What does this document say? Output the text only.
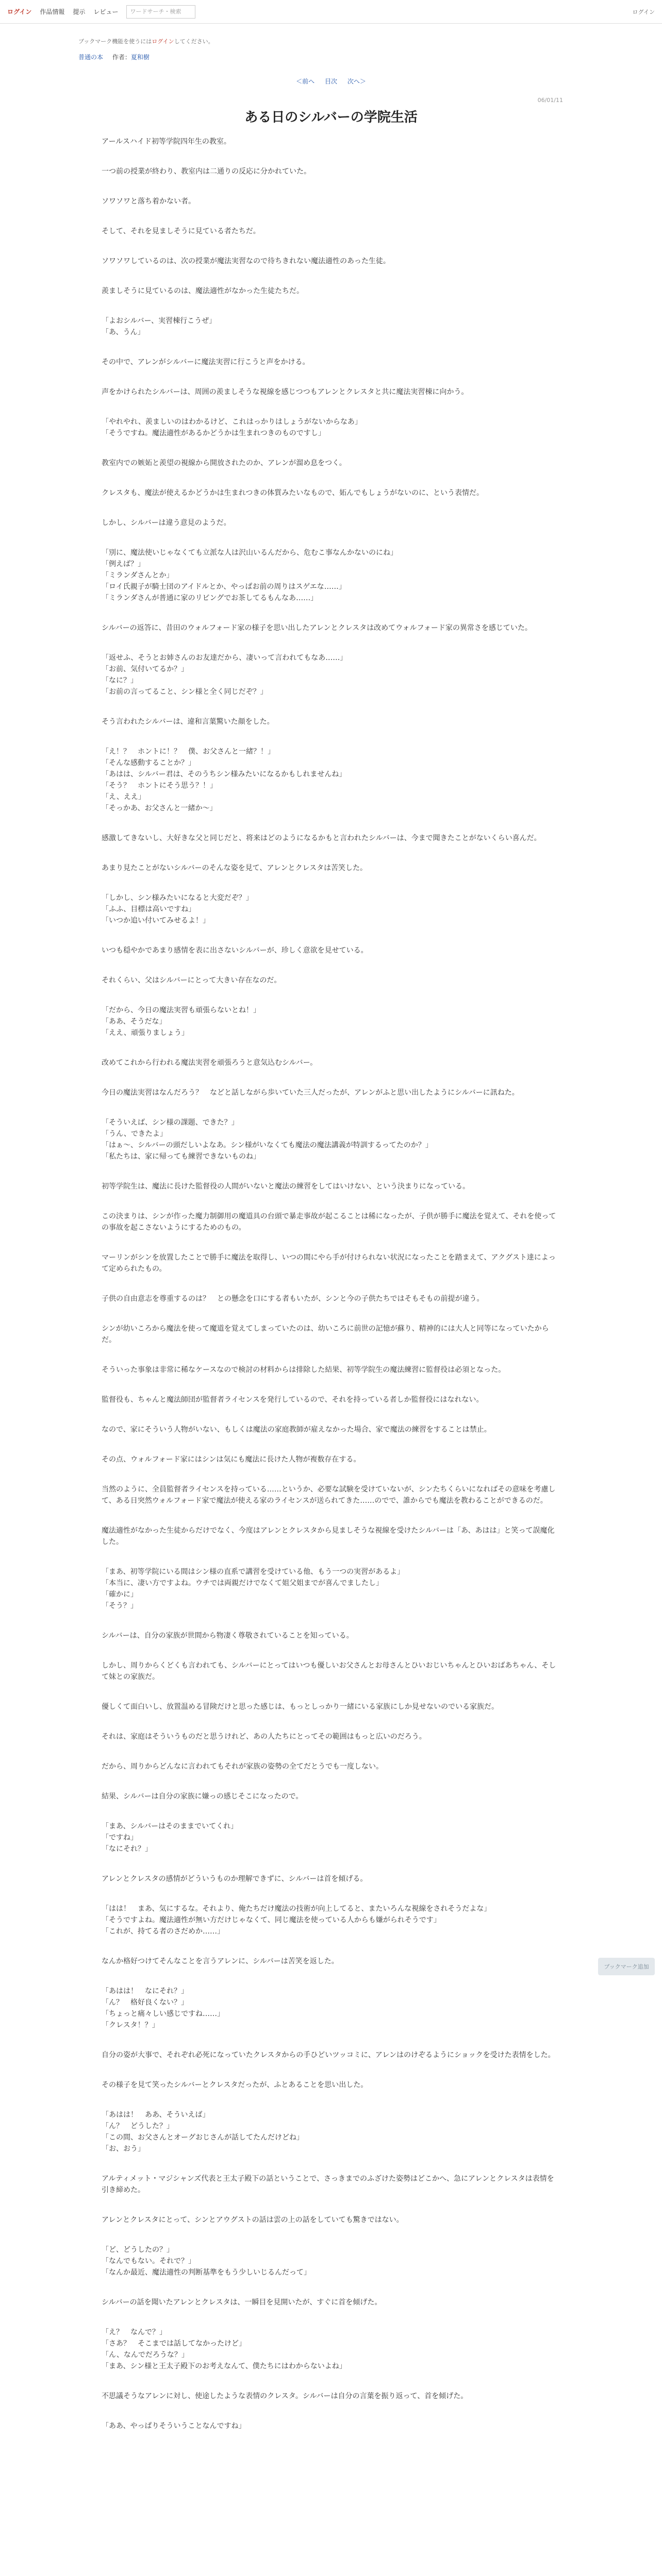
ログイン 作品情報 提示 レビュー	ワードサーチ・検索	ログイン
ブックマーク機能を使うにはログインしてください。
普通の本 作者：夏和樹
＜前へ 目次 次へ＞
06/01/11
ある日のシルバーの学院生活

アールスハイド初等学院四年生の教室。

一つ前の授業が終わり、教室内は二通りの反応に分かれていた。

ソワソワと落ち着かない者。

そして、それを見ましそうに見ている者たちだ。

ソワソワしているのは、次の授業が魔法実習なので待ちきれない魔法適性のあった生徒。

羨ましそうに見ているのは、魔法適性がなかった生徒たちだ。

「よおシルバー、実習棟行こうぜ」
「あ、うん」

その中で、アレンがシルバーに魔法実習に行こうと声をかける。

声をかけられたシルバーは、周囲の羨ましそうな視線を感じつつもアレンとクレスタと共に魔法実習棟に向かう。

「やれやれ、羨ましいのはわかるけど、これはっかりはしょうがないからなあ」
「そうですね。魔法適性があるかどうかは生まれつきのものですし」

教室内での嫉妬と羨望の視線から開放されたのか、アレンが溜め息をつく。

クレスタも、魔法が使えるかどうかは生まれつきの体質みたいなもので、妬んでもしょうがないのに、という表情だ。

しかし、シルバーは違う意見のようだ。

「別に、魔法使いじゃなくても立派な人は沢山いるんだから、危むこ事なんかないのにね」
「例えば？」
「ミランダさんとか」
「ロイ氏親子が騎士団のアイドルとか、やっぱお前の周りはスゲエな……」
「ミランダさんが普通に家のリビングでお茶してるもんなあ……」

シルバーの返答に、昔田のウォルフォード家の様子を思い出したアレンとクレスタは改めてウォルフォード家の異常さを感じていた。

「返せふ、そうとお姉さんのお友達だから、凄いって言われてもなあ……」
「お前、気付いてるか？」
「なに？」
「お前の言ってること、シン様と全く同じだぞ？」

そう言われたシルバーは、違和言葉驚いた顔をした。

「え！？　ホントに！？　僕、お父さんと一緒？！」
「そんな感動することか？」
「あはは、シルバー君は、そのうちシン様みたいになるかもしれませんね」
「そう？　ホントにそう思う？！」
「え、ええ」
「そっかあ、お父さんと一緒か～」

感激してきないし、大好きな父と同じだと、将来はどのようになるかもと言われたシルバーは、今まで聞きたことがないくらい喜んだ。

あまり見たことがないシルバーのそんな姿を見て、アレンとクレスタは苦笑した。

「しかし、シン様みたいになると大変だぞ？」
「ふふ、目標は高いですね」
「いつか追い付いてみせるよ！」

いつも穏やかであまり感情を表に出さないシルバーが、珍しく意欲を見せている。

それくらい、父はシルバーにとって大きい存在なのだ。

「だから、今日の魔法実習も頑張らないとね！」
「ああ、そうだな」
「ええ、頑張りましょう」

改めてこれから行われる魔法実習を頑張ろうと意気込むシルバー。

今日の魔法実習はなんだろう？　などと話しながら歩いていた三人だったが、アレンがふと思い出したようにシルバーに訊ねた。

「そういえば、シン様の課題、できた？」
「うん、できたよ」
「はぁ～、シルバーの頭だしいよなあ。シン様がいなくても魔法の魔法講義が特訓するってたのか？」
「私たちは、家に帰っても練習できないものね」

初等学院生は、魔法に長けた監督役の人間がいないと魔法の練習をしてはいけない、という決まりになっている。

この決まりは、シンが作った魔力制御用の魔道具の台頭で暴走事故が起こることは稀になったが、子供が勝手に魔法を覚えて、それを使っての事故を起こさないようにするためのもの。

マーリンがシンを放置したことで勝手に魔法を取得し、いつの間にやら手が付けられない状況になったことを踏まえて、アクグスト達によって定められたもの。

子供の自由意志を尊重するのは？　との懸念を口にする者もいたが、シンと今の子供たちではそもそもの前提が違う。

シンが幼いころから魔法を使って魔道を覚えてしまっていたのは、幼いころに前世の記憶が蘇り、精神的には大人と同等になっていたからだ。

そういった事象は非常に稀なケースなので検討の材料からは排除した結果、初等学院生の魔法練習に監督役は必須となった。

監督役も、ちゃんと魔法師団が監督者ライセンスを発行しているので、それを持っている者しか監督役にはなれない。

なので、家にそういう人物がいない、もしくは魔法の家庭教師が雇えなかった場合、家で魔法の練習をすることは禁止。

その点、ウォルフォード家にはシンは気にも魔法に長けた人物が複数存在する。

当然のように、全員監督者ライセンスを持っている……というか、必要な試験を受けていないが、シンたちくらいになればその意味を考慮して、ある日突然ウォルフォード家で魔法が使える家のライセンスが送られてきた……のでで、誰からでも魔法を教わることができるのだ。

魔法適性がなかった生徒からだけでなく、今度はアレンとクレスタから見ましそうな視線を受けたシルバーは「あ、あはは」と笑って誤魔化した。

「まあ、初等学院にいる間はシン様の直系で講習を受けている他、もう一つの実習があるよ」
「本当に、凄い方ですよね。ウチでは両親だけでなくて姐父姐までが喜んでましたし」
「確かに」
「そう？」

シルバーは、自分の家族が世間から物凄く尊敬されていることを知っている。

しかし、周りからくどくも言われても、シルバーにとってはいつも優しいお父さんとお母さんとひいおじいちゃんとひいおばあちゃん、そして妹との家族だ。

優しくて面白いし、放置温める冒険だけと思った感じは、もっとしっかり一緒にいる家族にしか見せないのでいる家族だ。

それは、家庭はそういうものだと思うけれど、あの人たちにとってその範囲はもっと広いのだろう。

だから、周りからどんなに言われてもそれが家族の姿勢の全てだとうでも一度しない。

結果、シルバーは自分の家族に嫌っの感じそこになったので。

「まあ、シルバーはそのままでいてくれ」
「ですね」
「なにそれ？」

アレンとクレスタの感情がどういうものか理解できずに、シルバーは首を傾げる。

「はは！　まあ、気にするな。それより、俺たちだけ魔法の技術が向上してると、またいろんな視線をされそうだよな」
「そうですよね。魔法適性が無い方だけじゃなくて、同じ魔法を使っている人からも嫌がられそうです」
「これが、持てる者のさだめか……」

なんか格好つけてそんなことを言うアレンに、シルバーは苦笑を返した。

「あはは！　なにそれ？」
「ん？　格好良くない？」
「ちょっと痛々しい感じですね……」
「クレスタ！？」

自分の姿が大事で、それぞれ必死になっていたクレスタからの手ひどいツッコミに、アレンはのけぞるようにショックを受けた表情をした。

その様子を見て笑ったシルバーとクレスタだったが、ふとあることを思い出した。

「あはは！　ああ、そういえば」
「ん？　どうした？」
「この間、お父さんとオーグおじさんが話してたんだけどね」
「お、おう」

アルティメット・マジシャンズ代表と王太子殿下の話ということで、さっきまでのふざけた姿勢はどこかへ、急にアレンとクレスタは表情を引き締めた。

アレンとクレスタにとって、シンとアウグストの話は雲の上の話をしていても驚きではない。

「ど、どうしたの？」
「なんでもない。それで？」
「なんか最近、魔法適性の判断基準をもう少しいじるんだって」

シルバーの話を聞いたアレンとクレスタは、一瞬目を見開いたが、すぐに首を傾げた。

「え？　なんで？」
「さあ？　そこまでは話してなかったけど」
「ん、なんでだろうな？」
「まあ、シン様と王太子殿下のお考えなんて、僕たちにはわからないよね」

不思議そうなアレンに対し、使途したような表情のクレスタ。シルバーは自分の言葉を振り返って、首を傾げた。

「ああ、やっぱりそういうことなんですね」

ブックマーク追加
